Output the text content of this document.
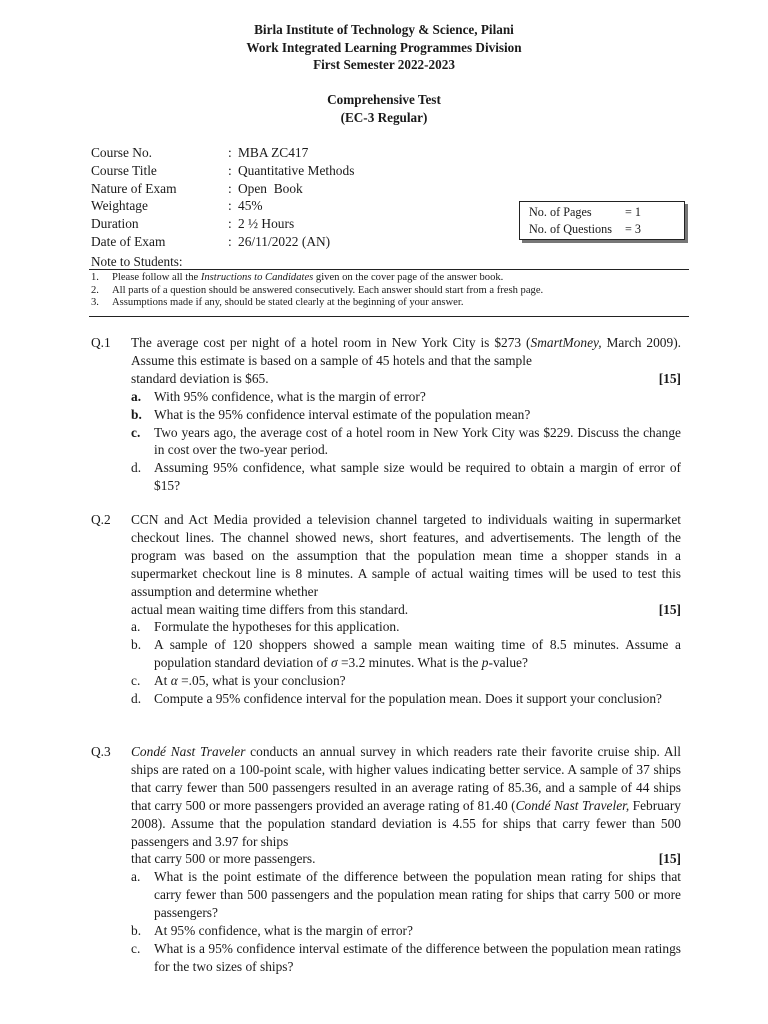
Birla Institute of Technology & Science, Pilani
Work Integrated Learning Programmes Division
First Semester 2022-2023
Comprehensive Test
(EC-3 Regular)
Course No.	: MBA ZC417
Course Title	: Quantitative Methods
Nature of Exam	: Open  Book
Weightage	: 45%
Duration	: 2 ½ Hours
Date of Exam	: 26/11/2022 (AN)
No. of Pages	= 1
No. of Questions	= 3
Note to Students:
1.	Please follow all the Instructions to Candidates given on the cover page of the answer book.
2.	All parts of a question should be answered consecutively. Each answer should start from a fresh page.
3.	Assumptions made if any, should be stated clearly at the beginning of your answer.
Q.1	The average cost per night of a hotel room in New York City is $273 (SmartMoney, March 2009). Assume this estimate is based on a sample of 45 hotels and that the sample
standard deviation is $65.	[15]
a. With 95% confidence, what is the margin of error?
b. What is the 95% confidence interval estimate of the population mean?
c.	Two years ago, the average cost of a hotel room in New York City was $229. Discuss the change in cost over the two-year period.
d. Assuming 95% confidence, what sample size would be required to obtain a margin of error of $15?
Q.2	CCN and Act Media provided a television channel targeted to individuals waiting in supermarket checkout lines. The channel showed news, short features, and advertisements. The length of the program was based on the assumption that the population mean time a shopper stands in a supermarket checkout line is 8 minutes. A sample of actual waiting times will be used to test this assumption and determine whether
actual mean waiting time differs from this standard.	[15]
a.	Formulate the hypotheses for this application.
b. A sample of 120 shoppers showed a sample mean waiting time of 8.5 minutes. Assume a population standard deviation of σ =3.2 minutes. What is the p-value?
c.	At α =.05, what is your conclusion?
d. Compute a 95% confidence interval for the population mean. Does it support your conclusion?
Q.3	Condé Nast Traveler conducts an annual survey in which readers rate their favorite cruise ship. All ships are rated on a 100-point scale, with higher values indicating better service. A sample of 37 ships that carry fewer than 500 passengers resulted in an average rating of 85.36, and a sample of 44 ships that carry 500 or more passengers provided an average rating of 81.40 (Condé Nast Traveler, February 2008). Assume that the population standard deviation is 4.55 for ships that carry fewer than 500 passengers and 3.97 for ships
that carry 500 or more passengers.	[15]
a.	What is the point estimate of the difference between the population mean rating for ships that carry fewer than 500 passengers and the population mean rating for ships that carry 500 or more passengers?
b. At 95% confidence, what is the margin of error?
c.	What is a 95% confidence interval estimate of the difference between the population mean ratings for the two sizes of ships?
